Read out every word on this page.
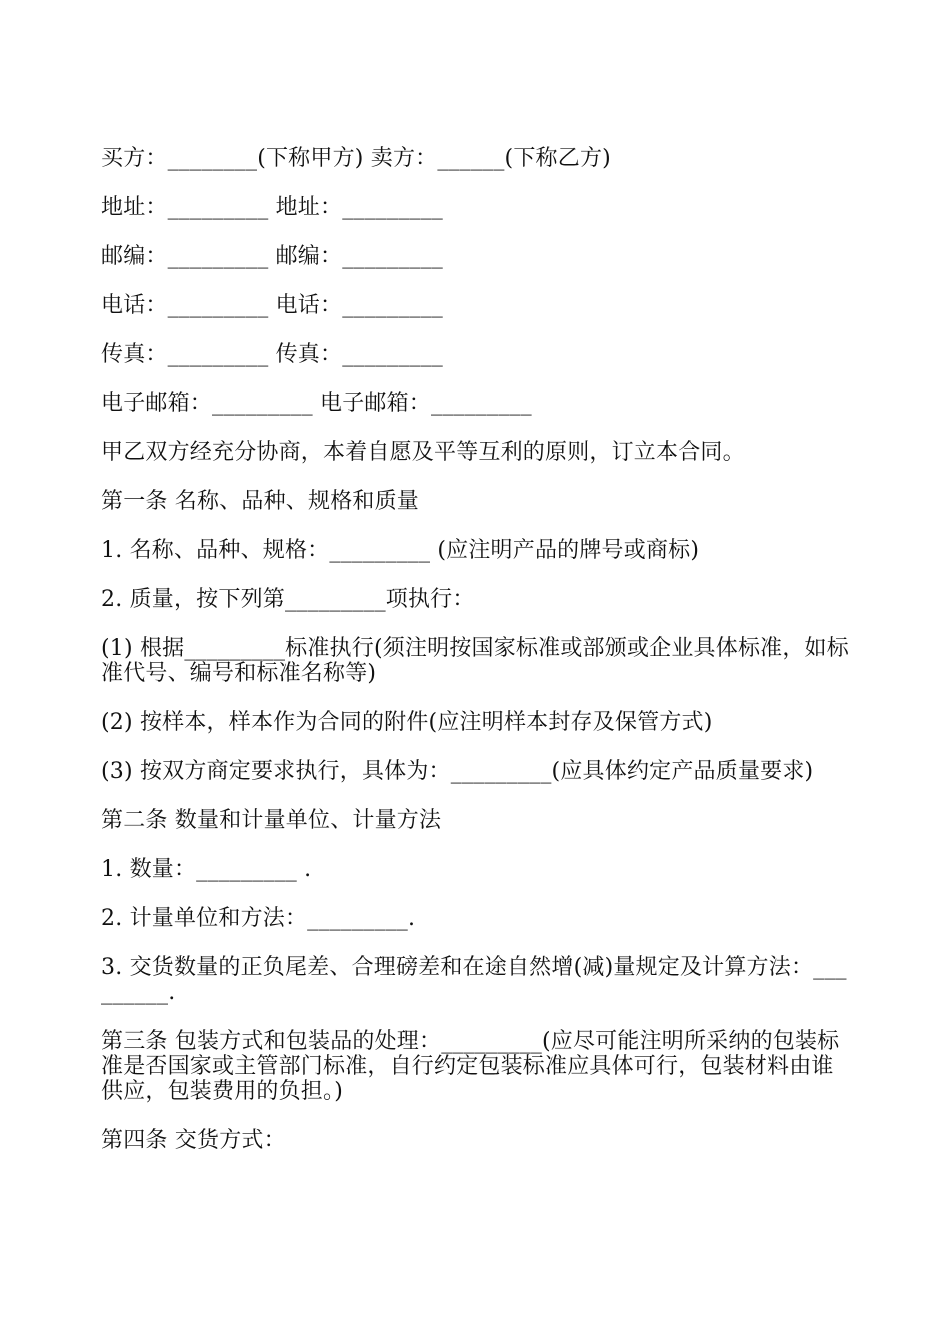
买方：________(下称甲方) 卖方：______(下称乙方)

地址：_________ 地址：_________

邮编：_________ 邮编：_________

电话：_________ 电话：_________

传真：_________ 传真：_________

电子邮箱：_________ 电子邮箱：_________

甲乙双方经充分协商，本着自愿及平等互利的原则，订立本合同。

第一条 名称、品种、规格和质量

1. 名称、品种、规格：_________ (应注明产品的牌号或商标)

2. 质量，按下列第_________项执行：

(1) 根据_________标准执行(须注明按国家标准或部颁或企业具体标准，如标准代号、编号和标准名称等)

(2) 按样本，样本作为合同的附件(应注明样本封存及保管方式)

(3) 按双方商定要求执行，具体为：_________(应具体约定产品质量要求)

第二条 数量和计量单位、计量方法

1. 数量：_________ .

2. 计量单位和方法：_________.

3. 交货数量的正负尾差、合理磅差和在途自然增(减)量规定及计算方法：_________.

第三条 包装方式和包装品的处理：_________(应尽可能注明所采纳的包装标准是否国家或主管部门标准，自行约定包装标准应具体可行，包装材料由谁供应，包装费用的负担。)

第四条 交货方式：
